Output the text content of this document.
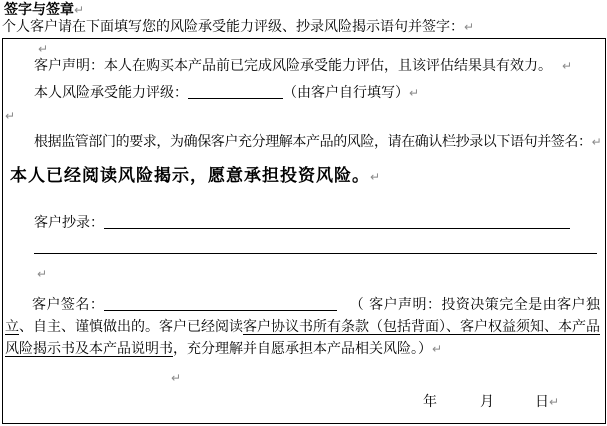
签字与签章↵
个人客户请在下面填写您的风险承受能力评级、抄录风险揭示语句并签字：↵
↵
客户声明：本人在购买本产品前已完成风险承受能力评估，且该评估结果具有效力。 ↵
本人风险承受能力评级：	（由客户自行填写）↵
↵
根据监管部门的要求，为确保客户充分理解本产品的风险，请在确认栏抄录以下语句并签名：↵
本人已经阅读风险揭示，愿意承担投资风险。↵
客户抄录：
↵
客户签名：	（ 客户声明：投资决策完全是由客户独立、自主、谨慎做出的。客户已经阅读客户协议书所有条款（包括背面）、客户权益须知、本产品风险揭示书及本产品说明书，充分理解并自愿承担本产品相关风险。）↵
↵
年	月	日↵
